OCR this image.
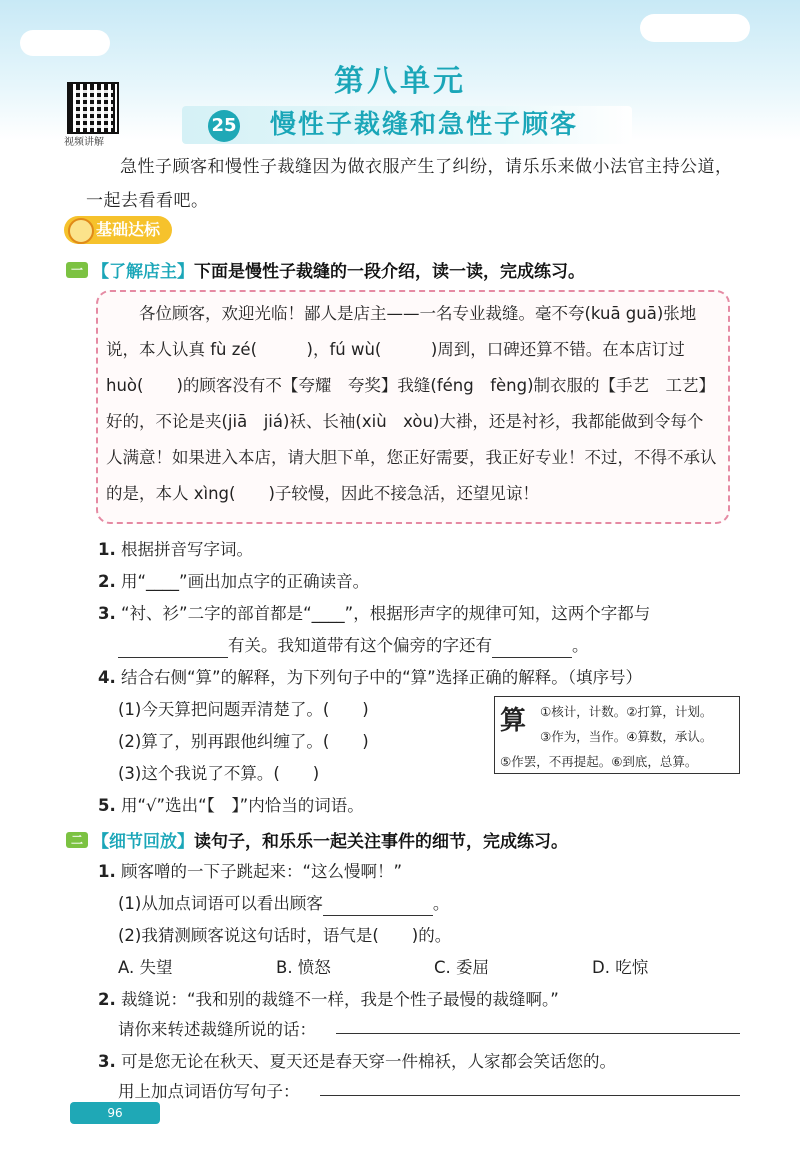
视频讲解
第八单元
25 慢性子裁缝和急性子顾客
急性子顾客和慢性子裁缝因为做衣服产生了纠纷，请乐乐来做小法官主持公道，一起去看看吧。
基础达标
一 【了解店主】下面是慢性子裁缝的一段介绍，读一读，完成练习。
各位顾客，欢迎光临！鄙人是店主——一名专业裁缝。毫不夸(kuā guā)张地说，本人认真 fù zé(　　　)，fú wù(　　　)周到，口碑还算不错。在本店订过 huò(　　)的顾客没有不【夸耀　夸奖】我缝(féng　fèng)制衣服的【手艺　工艺】好的，不论是夹(jiā　jiá)袄、长袖(xiù　xòu)大褂，还是衬衫，我都能做到令每个人满意！如果进入本店，请大胆下单，您正好需要，我正好专业！不过，不得不承认的是，本人 xìng(　　)子较慢，因此不接急活，还望见谅！
1. 根据拼音写字词。
2. 用“____”画出加点字的正确读音。
3. “衬、衫”二字的部首都是“____”，根据形声字的规律可知，这两个字都与
有关。我知道带有这个偏旁的字还有	。
4. 结合右侧“算”的解释，为下列句子中的“算”选择正确的解释。（填序号）
(1)今天算把问题弄清楚了。(　　)
(2)算了，别再跟他纠缠了。(　　)
(3)这个我说了不算。(　　)
算 ①核计，计数。②打算，计划。
③作为，当作。④算数，承认。
⑤作罢，不再提起。⑥到底，总算。
5. 用“√”选出“【　】”内恰当的词语。
二 【细节回放】读句子，和乐乐一起关注事件的细节，完成练习。
1. 顾客噌的一下子跳起来：“这么慢啊！”
(1)从加点词语可以看出顾客	。
(2)我猜测顾客说这句话时，语气是(　　)的。
A. 失望	B. 愤怒	C. 委屈	D. 吃惊
2. 裁缝说：“我和别的裁缝不一样，我是个性子最慢的裁缝啊。”
请你来转述裁缝所说的话：
3. 可是您无论在秋天、夏天还是春天穿一件棉袄，人家都会笑话您的。
用上加点词语仿写句子：
96
